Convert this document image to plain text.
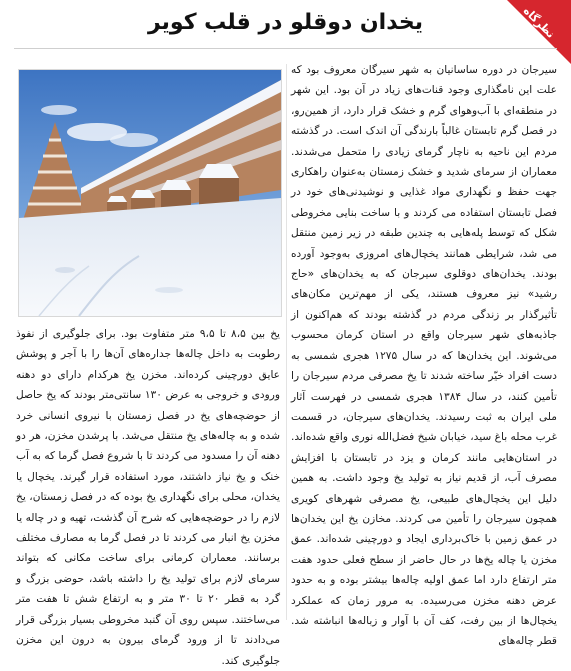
نظرگاه
یخدان دوقلو در قلب کویر

سیرجان در دوره ساسانیان به شهر سیرگان معروف بود که علت این نامگذاری وجود قنات‌های زیاد در آن بود. این شهر در منطقه‌ای با آب‌وهوای گرم و خشک قرار دارد، از همین‌رو، در فصل گرم تابستان غالباً بارندگی آن اندک است. در گذشته مردم این ناحیه به ناچار گرمای زیادی را متحمل می‌شدند. معماران از سرمای شدید و خشک زمستان به‌عنوان راهکاری جهت حفظ و نگهداری مواد غذایی و نوشیدنی‌های خود در فصل تابستان استفاده می کردند و با ساخت بنایی مخروطی شکل که توسط پله‌هایی به چندین طبقه در زیر زمین منتقل می شد، شرایطی همانند یخچال‌های امروزی به‌وجود آورده بودند. یخدان‌های دوقلوی سیرجان که به یخدان‌های «حاج رشید» نیز معروف هستند، یکی از مهم‌ترین مکان‌های تأثیرگذار بر زندگی مردم در گذشته بودند که هم‌اکنون از جاذبه‌های شهر سیرجان واقع در استان کرمان محسوب می‌شوند. این یخدان‌ها که در سال ۱۲۷۵ هجری شمسی به دست افراد خیّر ساخته شدند تا یخ مصرفی مردم سیرجان را تأمین کنند، در سال ۱۳۸۴ هجری شمسی در فهرست آثار ملی ایران به ثبت رسیدند. یخدان‌های سیرجان، در قسمت غرب محله باغ سید، خیابان شیخ فضل‌الله نوری واقع شده‌اند. در استان‌هایی مانند کرمان و یزد در تابستان با افزایش مصرف آب، از قدیم نیاز به تولید یخ وجود داشت. به همین دلیل این یخچال‌های طبیعی، یخ مصرفی شهرهای کویری همچون سیرجان را تأمین می کردند. مخازن یخ این یخدان‌ها در عمق زمین با خاک‌برداری ایجاد و دورچینی شده‌اند. عمق مخزن یا چاله یخ‌ها در حال حاضر از سطح فعلی حدود هفت متر ارتفاع دارد اما عمق اولیه چاله‌ها بیشتر بوده و به حدود عرض دهنه مخزن می‌رسیده. به مرور زمان که عملکرد یخچال‌ها از بین رفت، کف آن با آوار و زباله‌ها انباشته شد. قطر چاله‌های

یخ بین ۸،۵ تا ۹،۵ متر متفاوت بود. برای جلوگیری از نفوذ رطوبت به داخل چاله‌ها جداره‌های آن‌ها را با آجر و پوشش عایق دورچینی کرده‌اند. مخزن یخ هرکدام دارای دو دهنه ورودی و خروجی به عرض ۱۳۰ سانتی‌متر بودند که یخ حاصل از حوضچه‌های یخ در فصل زمستان با نیروی انسانی خرد شده و به چاله‌های یخ منتقل می‌شد. با پرشدن مخزن، هر دو دهنه آن را مسدود می کردند تا با شروع فصل گرما که به آب خنک و یخ نیاز داشتند، مورد استفاده قرار گیرند. یخچال یا یخدان، محلی برای نگهداری یخ بوده که در فصل زمستان، یخ لازم را در حوضچه‌هایی که شرح آن گذشت، تهیه و در چاله یا مخزن یخ انبار می کردند تا در فصل گرما به مصارف مختلف برسانند. معماران کرمانی برای ساخت مکانی که بتواند سرمای لازم برای تولید یخ را داشته باشد، حوضی بزرگ و گرد به قطر ۲۰ تا ۳۰ متر و به ارتفاع شش تا هفت متر می‌ساختند. سپس روی آن گنبد مخروطی بسیار بزرگی قرار می‌دادند تا از ورود گرمای بیرون به درون این مخزن جلوگیری کند.
